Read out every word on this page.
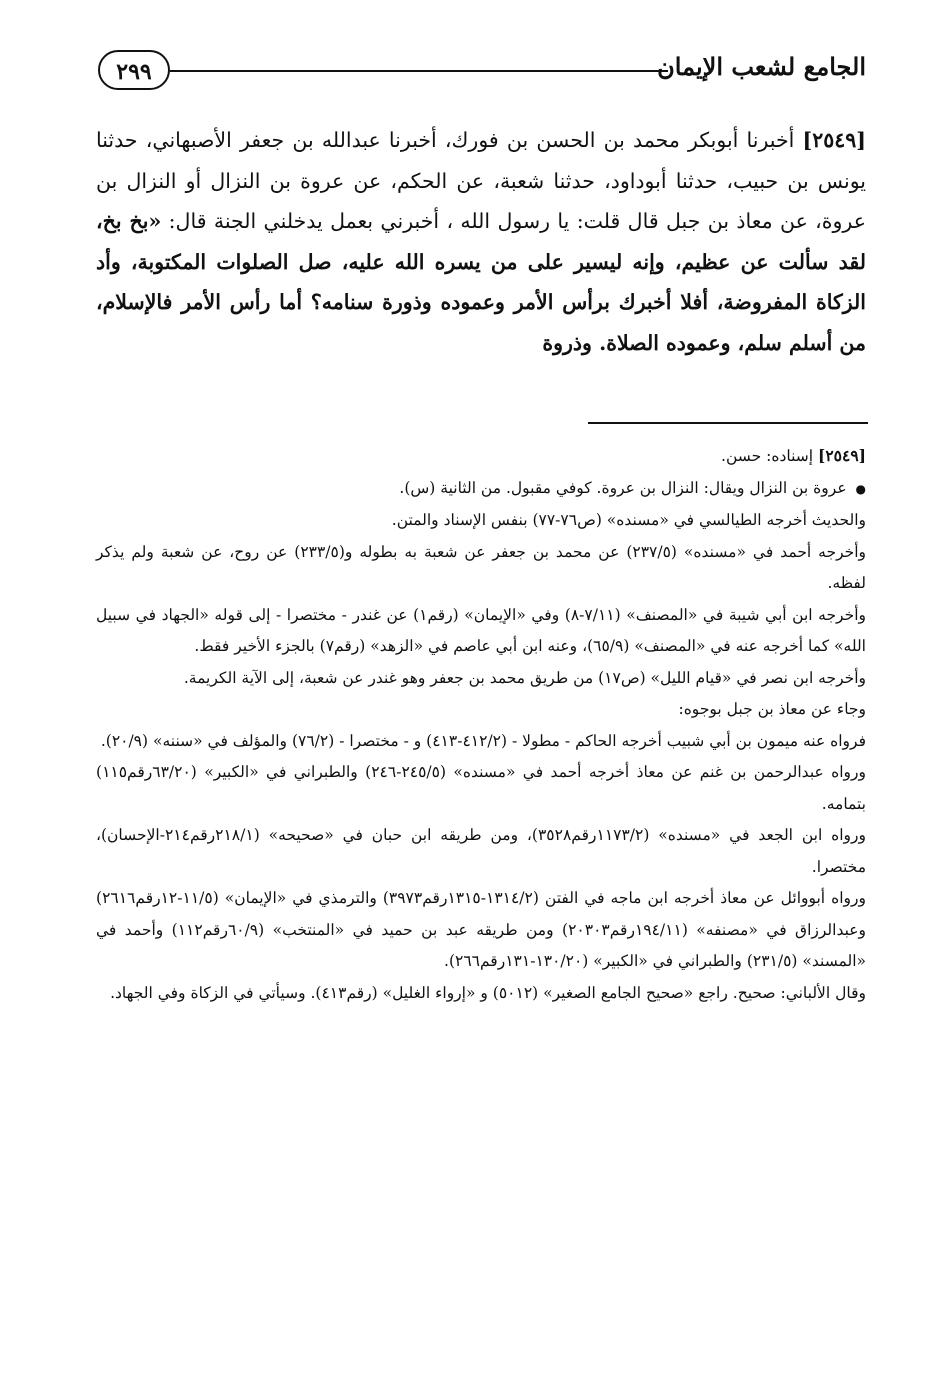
الجامع لشعب الإيمان
٢٩٩

[٢٥٤٩] أخبرنا أبوبكر محمد بن الحسن بن فورك، أخبرنا عبدالله بن جعفر الأصبهاني، حدثنا يونس بن حبيب، حدثنا أبوداود، حدثنا شعبة، عن الحكم، عن عروة بن النزال أو النزال بن عروة، عن معاذ بن جبل قال قلت: يا رسول الله ، أخبرني بعمل يدخلني الجنة قال: «بخ بخ، لقد سألت عن عظيم، وإنه ليسير على من يسره الله عليه، صل الصلوات المكتوبة، وأد الزكاة المفروضة، أفلا أخبرك برأس الأمر وعموده وذورة سنامه؟ أما رأس الأمر فالإسلام، من أسلم سلم، وعموده الصلاة. وذروة

[٢٥٤٩] إسناده: حسن.

● عروة بن النزال ويقال: النزال بن عروة. كوفي مقبول. من الثانية (س).

والحديث أخرجه الطيالسي في «مسنده» (ص٧٦-٧٧) بنفس الإسناد والمتن.

وأخرجه أحمد في «مسنده» (٢٣٧/٥) عن محمد بن جعفر عن شعبة به بطوله و(٢٣٣/٥) عن روح، عن شعبة ولم يذكر لفظه.

وأخرجه ابن أبي شيبة في «المصنف» (٧/١١-٨) وفي «الإيمان» (رقم١) عن غندر - مختصرا - إلى قوله «الجهاد في سبيل الله» كما أخرجه عنه في «المصنف» (٦٥/٩)، وعنه ابن أبي عاصم في «الزهد» (رقم٧) بالجزء الأخير فقط.

وأخرجه ابن نصر في «قيام الليل» (ص١٧) من طريق محمد بن جعفر وهو غندر عن شعبة، إلى الآية الكريمة.

وجاء عن معاذ بن جبل بوجوه:

فرواه عنه ميمون بن أبي شبيب أخرجه الحاكم - مطولا - (٤١٢/٢-٤١٣) و - مختصرا - (٧٦/٢) والمؤلف في «سننه» (٢٠/٩).

ورواه عبدالرحمن بن غنم عن معاذ أخرجه أحمد في «مسنده» (٢٤٥/٥-٢٤٦) والطبراني في «الكبير» (٦٣/٢٠رقم١١٥) بتمامه.

ورواه ابن الجعد في «مسنده» (١١٧٣/٢رقم٣٥٢٨)، ومن طريقه ابن حبان في «صحيحه» (٢١٨/١رقم٢١٤-الإحسان)، مختصرا.

ورواه أبووائل عن معاذ أخرجه ابن ماجه في الفتن (١٣١٤/٢-١٣١٥رقم٣٩٧٣) والترمذي في «الإيمان» (١١/٥-١٢رقم٢٦١٦) وعبدالرزاق في «مصنفه» (١٩٤/١١رقم٢٠٣٠٣) ومن طريقه عبد بن حميد في «المنتخب» (٦٠/٩رقم١١٢) وأحمد في «المسند» (٢٣١/٥) والطبراني في «الكبير» (١٣٠/٢٠-١٣١رقم٢٦٦).

وقال الألباني: صحيح. راجع «صحيح الجامع الصغير» (٥٠١٢) و «إرواء الغليل» (رقم٤١٣). وسيأتي في الزكاة وفي الجهاد.
